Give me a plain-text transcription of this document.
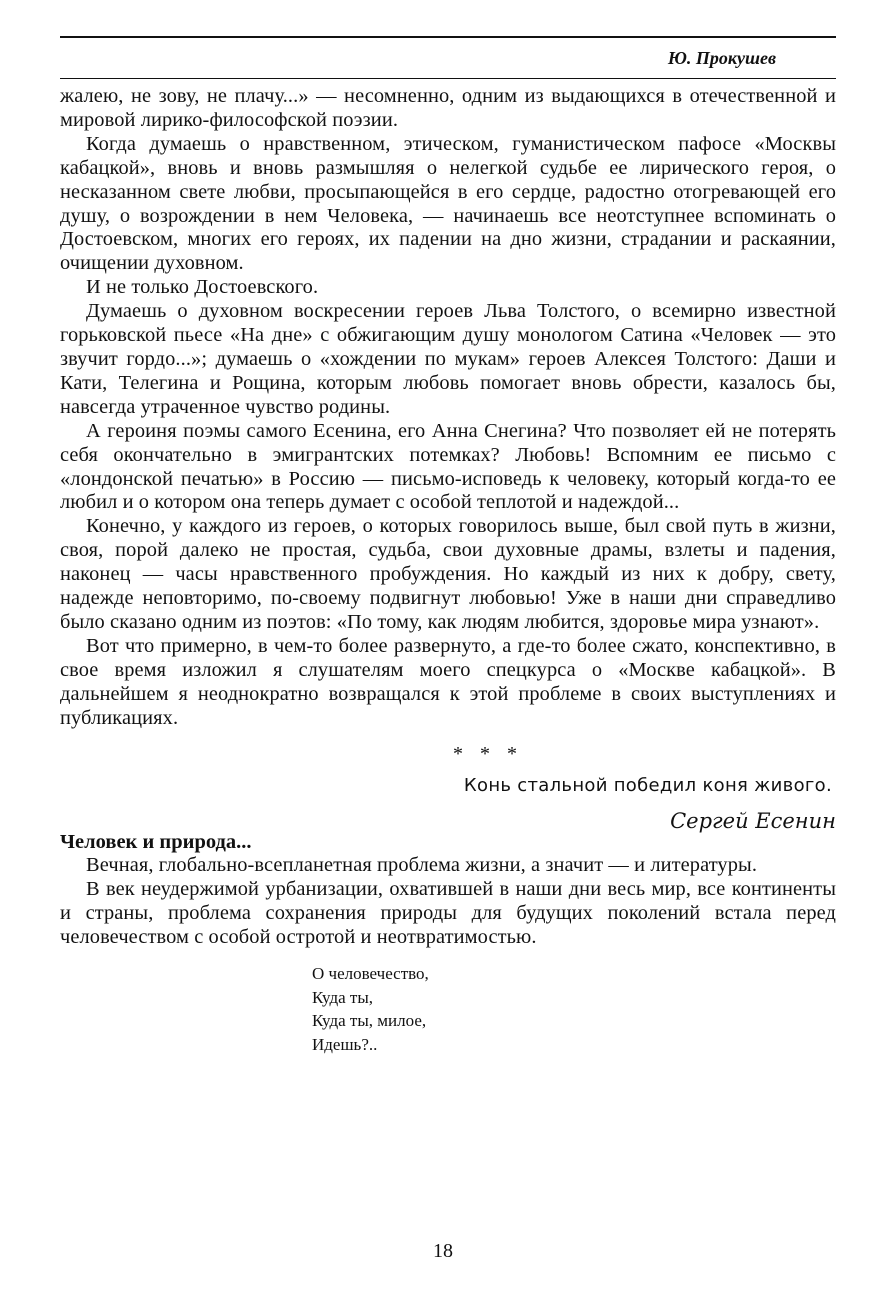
Ю. Прокушев

жалею, не зову, не плачу...» — несомненно, одним из выдающихся в отечественной и мировой лирико-философской поэзии.

Когда думаешь о нравственном, этическом, гуманистическом пафосе «Москвы кабацкой», вновь и вновь размышляя о нелегкой судьбе ее лирического героя, о несказанном свете любви, просыпающейся в его сердце, радостно отогревающей его душу, о возрождении в нем Человека, — начинаешь все неотступнее вспоминать о Достоевском, многих его героях, их падении на дно жизни, страдании и раскаянии, очищении духовном.

И не только Достоевского.

Думаешь о духовном воскресении героев Льва Толстого, о всемирно известной горьковской пьесе «На дне» с обжигающим душу монологом Сатина «Человек — это звучит гордо...»; думаешь о «хождении по мукам» героев Алексея Толстого: Даши и Кати, Телегина и Рощина, которым любовь помогает вновь обрести, казалось бы, навсегда утраченное чувство родины.

А героиня поэмы самого Есенина, его Анна Снегина? Что позволяет ей не потерять себя окончательно в эмигрантских потемках? Любовь! Вспомним ее письмо с «лондонской печатью» в Россию — письмо-исповедь к человеку, который когда-то ее любил и о котором она теперь думает с особой теплотой и надеждой...

Конечно, у каждого из героев, о которых говорилось выше, был свой путь в жизни, своя, порой далеко не простая, судьба, свои духовные драмы, взлеты и падения, наконец — часы нравственного пробуждения. Но каждый из них к добру, свету, надежде неповторимо, по-своему подвигнут любовью! Уже в наши дни справедливо было сказано одним из поэтов: «По тому, как людям любится, здоровье мира узнают».

Вот что примерно, в чем-то более развернуто, а где-то более сжато, конспективно, в свое время изложил я слушателям моего спецкурса о «Москве кабацкой». В дальнейшем я неоднократно возвращался к этой проблеме в своих выступлениях и публикациях.

* * *
Конь стальной победил коня живого.
Сергей Есенин
Человек и природа...

Вечная, глобально-всепланетная проблема жизни, а значит — и литературы.

В век неудержимой урбанизации, охватившей в наши дни весь мир, все континенты и страны, проблема сохранения природы для будущих поколений встала перед человечеством с особой остротой и неотвратимостью.

О человечество,
Куда ты,
Куда ты, милое,
Идешь?..
18
